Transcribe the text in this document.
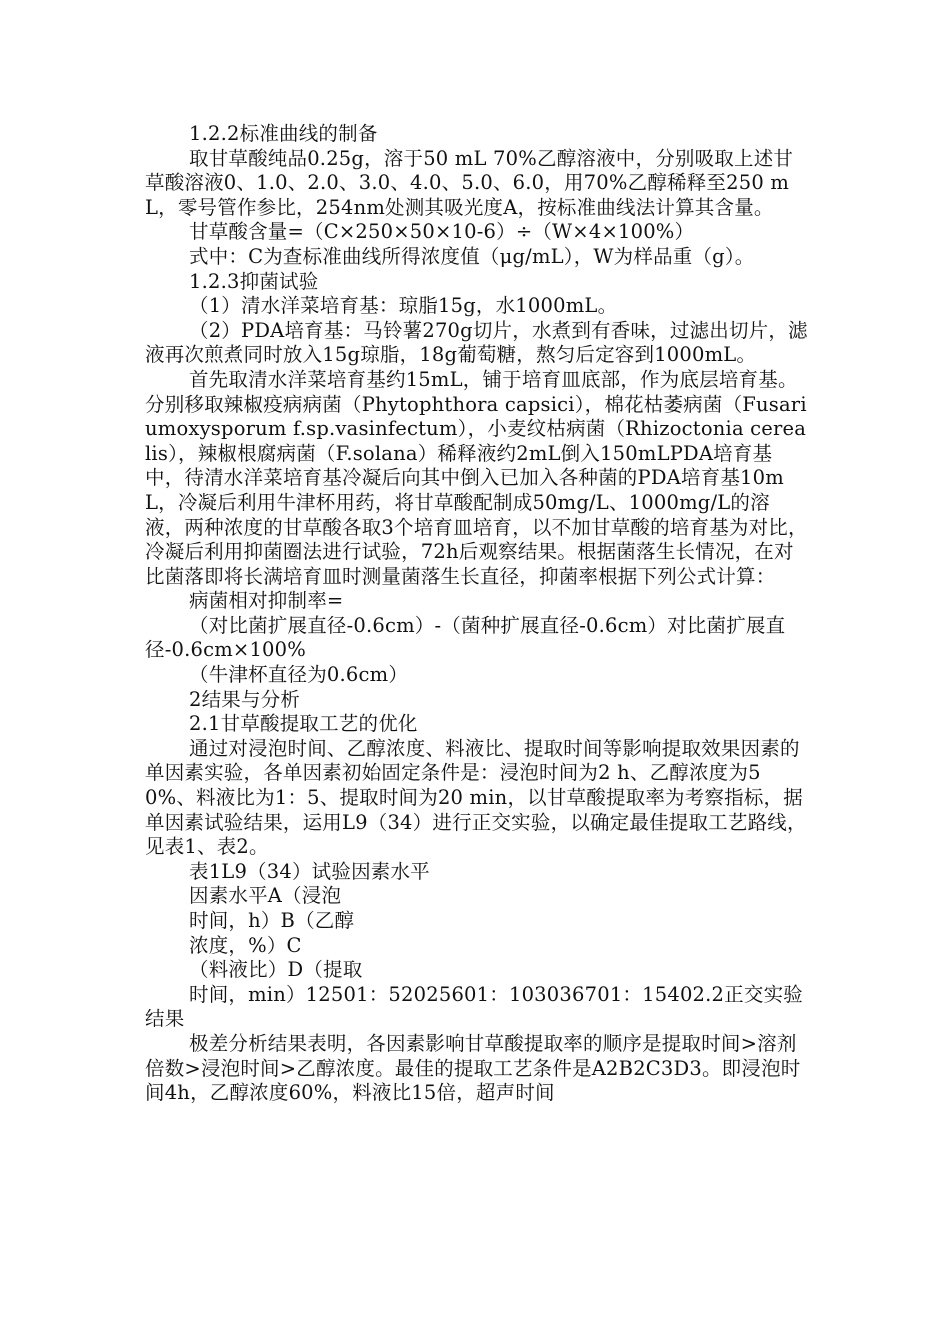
1.2.2标准曲线的制备

取甘草酸纯品0.25g，溶于50 mL 70%乙醇溶液中，分别吸取上述甘草酸溶液0、1.0、2.0、3.0、4.0、5.0、6.0，用70%乙醇稀释至250 mL，零号管作参比，254nm处测其吸光度A，按标准曲线法计算其含量。

甘草酸含量=（C×250×50×10-6）÷（W×4×100%）

式中：C为查标准曲线所得浓度值（μg/mL），W为样品重（g）。

1.2.3抑菌试验

（1）清水洋菜培育基：琼脂15g，水1000mL。

（2）PDA培育基：马铃薯270g切片，水煮到有香味，过滤出切片，滤液再次煎煮同时放入15g琼脂，18g葡萄糖，熬匀后定容到1000mL。

首先取清水洋菜培育基约15mL，铺于培育皿底部，作为底层培育基。分别移取辣椒疫病病菌（Phytophthora capsici），棉花枯萎病菌（Fusariumoxysporum f.sp.vasinfectum），小麦纹枯病菌（Rhizoctonia cerealis），辣椒根腐病菌（F.solana）稀释液约2mL倒入150mLPDA培育基中，待清水洋菜培育基冷凝后向其中倒入已加入各种菌的PDA培育基10mL，冷凝后利用牛津杯用药，将甘草酸配制成50mg/L、1000mg/L的溶液，两种浓度的甘草酸各取3个培育皿培育，以不加甘草酸的培育基为对比，冷凝后利用抑菌圈法进行试验，72h后观察结果。根据菌落生长情况，在对比菌落即将长满培育皿时测量菌落生长直径，抑菌率根据下列公式计算：

病菌相对抑制率=

（对比菌扩展直径-0.6cm）-（菌种扩展直径-0.6cm）对比菌扩展直径-0.6cm×100%

（牛津杯直径为0.6cm）

2结果与分析

2.1甘草酸提取工艺的优化

通过对浸泡时间、乙醇浓度、料液比、提取时间等影响提取效果因素的单因素实验，各单因素初始固定条件是：浸泡时间为2 h、乙醇浓度为50%、料液比为1：5、提取时间为20 min，以甘草酸提取率为考察指标，据单因素试验结果，运用L9（34）进行正交实验，以确定最佳提取工艺路线，见表1、表2。

表1L9（34）试验因素水平

因素水平A（浸泡

时间，h）B（乙醇

浓度，%）C

（料液比）D（提取

时间，min）12501：52025601：103036701：15402.2正交实验结果

极差分析结果表明，各因素影响甘草酸提取率的顺序是提取时间>溶剂倍数>浸泡时间>乙醇浓度。最佳的提取工艺条件是A2B2C3D3。即浸泡时间4h，乙醇浓度60%，料液比15倍，超声时间
